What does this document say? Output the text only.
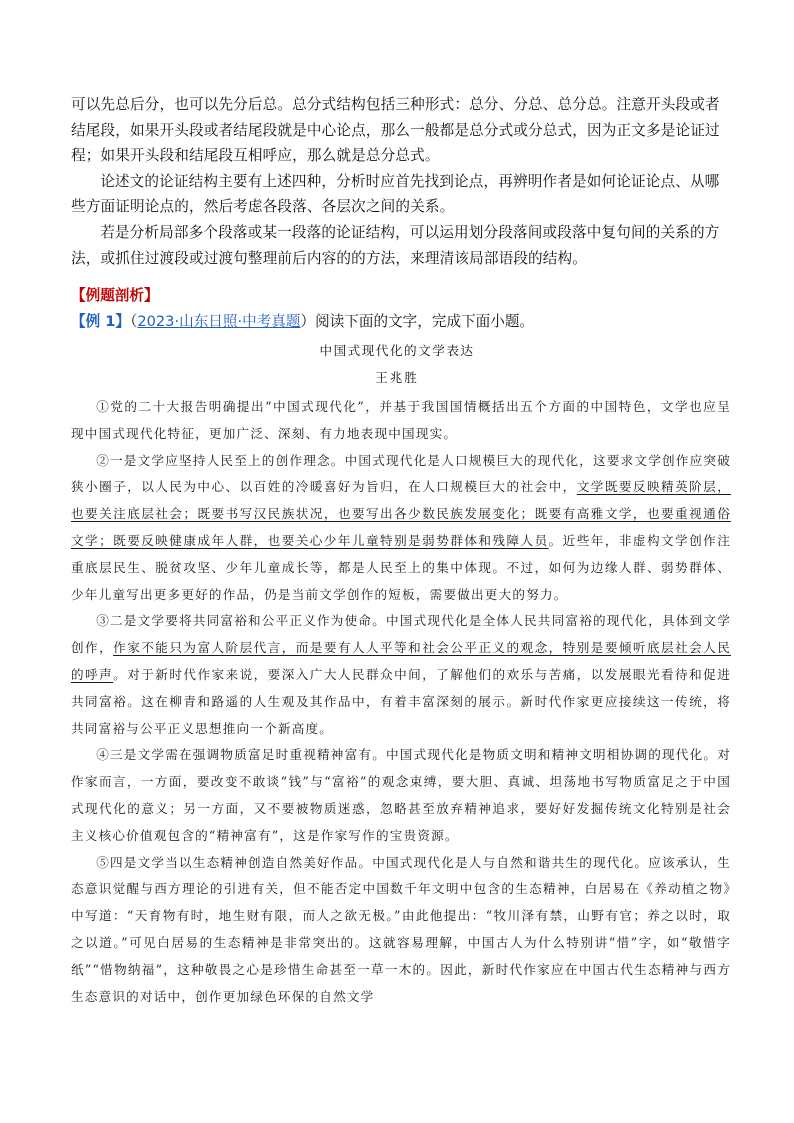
可以先总后分，也可以先分后总。总分式结构包括三种形式：总分、分总、总分总。注意开头段或者结尾段，如果开头段或者结尾段就是中心论点，那么一般都是总分式或分总式，因为正文多是论证过程；如果开头段和结尾段互相呼应，那么就是总分总式。

论述文的论证结构主要有上述四种，分析时应首先找到论点，再辨明作者是如何论证论点、从哪些方面证明论点的，然后考虑各段落、各层次之间的关系。

若是分析局部多个段落或某一段落的论证结构，可以运用划分段落间或段落中复句间的关系的方法，或抓住过渡段或过渡句整理前后内容的的方法，来理清该局部语段的结构。

【例题剖析】
【例 1】（2023·山东日照·中考真题）阅读下面的文字，完成下面小题。
中国式现代化的文学表达
王兆胜

①党的二十大报告明确提出“中国式现代化”，并基于我国国情概括出五个方面的中国特色，文学也应呈现中国式现代化特征，更加广泛、深刻、有力地表现中国现实。

②一是文学应坚持人民至上的创作理念。中国式现代化是人口规模巨大的现代化，这要求文学创作应突破狭小圈子，以人民为中心、以百姓的冷暖喜好为旨归，在人口规模巨大的社会中，文学既要反映精英阶层，也要关注底层社会；既要书写汉民族状况，也要写出各少数民族发展变化；既要有高雅文学，也要重视通俗文学；既要反映健康成年人群，也要关心少年儿童特别是弱势群体和残障人员。近些年，非虚构文学创作注重底层民生、脱贫攻坚、少年儿童成长等，都是人民至上的集中体现。不过，如何为边缘人群、弱势群体、少年儿童写出更多更好的作品，仍是当前文学创作的短板，需要做出更大的努力。

③二是文学要将共同富裕和公平正义作为使命。中国式现代化是全体人民共同富裕的现代化，具体到文学创作，作家不能只为富人阶层代言，而是要有人人平等和社会公平正义的观念，特别是要倾听底层社会人民的呼声。对于新时代作家来说，要深入广大人民群众中间，了解他们的欢乐与苦痛，以发展眼光看待和促进共同富裕。这在柳青和路遥的人生观及其作品中，有着丰富深刻的展示。新时代作家更应接续这一传统，将共同富裕与公平正义思想推向一个新高度。

④三是文学需在强调物质富足时重视精神富有。中国式现代化是物质文明和精神文明相协调的现代化。对作家而言，一方面，要改变不敢谈“钱”与“富裕”的观念束缚，要大胆、真诚、坦荡地书写物质富足之于中国式现代化的意义；另一方面，又不要被物质迷惑，忽略甚至放弃精神追求，要好好发掘传统文化特别是社会主义核心价值观包含的“精神富有”，这是作家写作的宝贵资源。

⑤四是文学当以生态精神创造自然美好作品。中国式现代化是人与自然和谐共生的现代化。应该承认，生态意识觉醒与西方理论的引进有关，但不能否定中国数千年文明中包含的生态精神，白居易在《养动植之物》中写道：“天育物有时，地生财有限，而人之欲无极。”由此他提出：“牧川泽有禁，山野有官；养之以时，取之以道。”可见白居易的生态精神是非常突出的。这就容易理解，中国古人为什么特别讲“惜”字，如“敬惜字纸”“惜物纳福”，这种敬畏之心是珍惜生命甚至一草一木的。因此，新时代作家应在中国古代生态精神与西方生态意识的对话中，创作更加绿色环保的自然文学
